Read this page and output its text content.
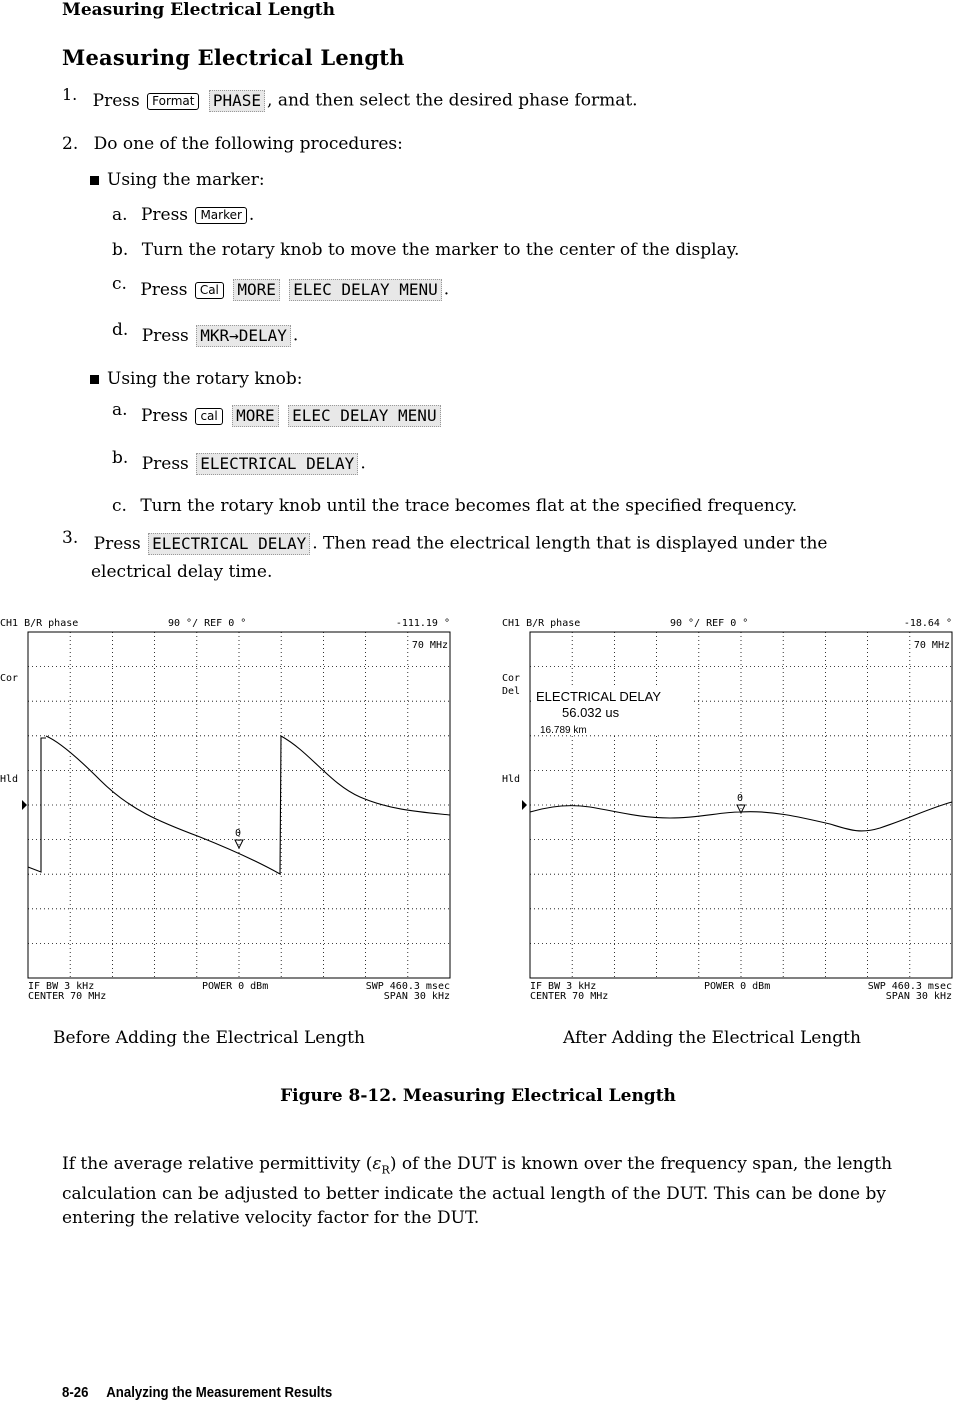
Measuring Electrical Length
Measuring Electrical Length
1. Press Format PHASE , and then select the desired phase format.
2. Do one of the following procedures:
Using the marker:
a. Press Marker .
b. Turn the rotary knob to move the marker to the center of the display.
c. Press Cal MORE ELEC DELAY MENU .
d. Press MKR→DELAY .
Using the rotary knob:
a. Press cal MORE ELEC DELAY MENU
b. Press ELECTRICAL DELAY .
c. Turn the rotary knob until the trace becomes flat at the specified frequency.
3. Press ELECTRICAL DELAY . Then read the electrical length that is displayed under the
electrical delay time.
CH1 B/R phase	90 °/ REF 0 °	-111.19 °
70 MHz
Cor
Hld
0
IF BW 3 kHz	POWER 0 dBm	SWP 460.3 msec
CENTER 70 MHz	SPAN 30 kHz
CH1 B/R phase	90 °/ REF 0 °	-18.64 °
70 MHz
Cor
Del
Hld
ELECTRICAL DELAY
56.032 us
16.789 km
0
IF BW 3 kHz	POWER 0 dBm	SWP 460.3 msec
CENTER 70 MHz	SPAN 30 kHz
Before Adding the Electrical Length	After Adding the Electrical Length
Figure 8-12. Measuring Electrical Length
If the average relative permittivity $(\varepsilon_R)$ of the DUT is known over the frequency span, the length calculation can be adjusted to better indicate the actual length of the DUT. This can be done by entering the relative velocity factor for the DUT.
8-26     Analyzing the Measurement Results
